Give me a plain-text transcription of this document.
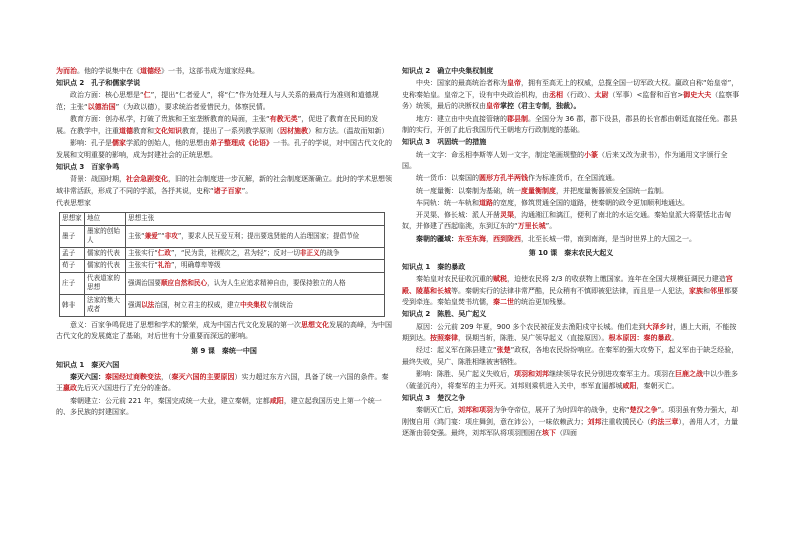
为而治。他的学说集中在《道德经》一书，这部书成为道家经典。

知识点 2　孔子和儒家学说

政治方面：核心思想是“仁”，提出“仁者爱人”，将“仁”作为处理人与人关系的最高行为准则和道德规范；主张“以德治国”（为政以德），要求统治者爱惜民力，体察民情。

教育方面：创办私学，打破了贵族和王室垄断教育的局面，主张“有教无类”，促进了教育在民间的发展。在教学中，注重道德教育和文化知识教育，提出了一系列教学原则（因材施教）和方法。（温故而知新）

影响：孔子是儒家学派的创始人，他的思想由弟子整理成《论语》一书。孔子的学说，对中国古代文化的发展和文明重要的影响，成为封建社会的正统思想。

知识点 3　百家争鸣

背景：战国时期，社会急剧变化，旧的社会制度进一步瓦解，新的社会制度逐渐确立。此时的学术思想领域非常活跃，形成了不同的学派，各抒其说，史称“诸子百家”。

代表思想家

思想家	地位	思想主张
墨子	墨家的创始人	主张“兼爱”“非攻”，要求人民互爱互利；提出要选贤能的人治理国家；提倡节俭
孟子	儒家的代表	主张实行“仁政”，“民为贵，社稷次之，君为轻”；反对一切非正义的战争
荀子	儒家的代表	主张实行“礼治”，明确尊卑等级
庄子	代表道家的思想	强调治国要顺应自然和民心，认为人生应追求精神自由，要保持独立的人格
韩非	法家的集大成者	强调以法治国，树立君主的权威，建立中央集权专制统治

意义：百家争鸣促进了思想和学术的繁荣，成为中国古代文化发展的第一次思想文化发展的高峰，为中国古代文化的发展奠定了基础，对后世有十分重要而深远的影响。

第 9 课　秦统一中国

知识点 1　秦灭六国

秦灭六国：秦国经过商鞅变法，（秦灭六国的主要原因）实力超过东方六国，具备了统一六国的条件。秦王嬴政先后灭六国进行了充分的准备。

秦朝建立：公元前 221 年，秦国完成统一大业，建立秦朝，定都咸阳，建立起我国历史上第一个统一的、多民族的封建国家。

知识点 2　确立中央集权制度

中央：国家的最高统治者称为皇帝，拥有至高无上的权威，总揽全国一切军政大权。嬴政自称“始皇帝”，史称秦始皇。皇帝之下，设有中央政治机构，由丞相（行政）、太尉（军事）<监督和百官>御史大夫（监察事务）统领，最后的决断权由皇帝掌控（君主专制，独裁）。

地方：建立由中央直接管辖的郡县制。全国分为 36 郡，郡下设县，郡县的长官都由朝廷直接任免。郡县制的实行，开创了此后我国历代王朝地方行政制度的基础。

知识点 3　巩固统一的措施

统一文字：命丞相李斯等人划一文字，制定笔画规整的小篆（后来又改为隶书），作为通用文字颁行全国。

统一货币：以秦国的圆形方孔半两钱作为标准货币，在全国流通。

统一度量衡：以秦制为基础，统一度量衡制度，并把度量衡器颁发全国统一监制。

车同轨：统一车轨和道路的宽度，修筑贯通全国的道路，使秦朝的政令更加顺利地通达。

开灵渠、修长城：派人开凿灵渠，沟通湘江和漓江，便利了南北的水运交通。秦始皇派大将蒙恬北击匈奴，并修建了西起临洮，东到辽东的“万里长城”。

秦朝的疆域：东至东海，西到陇西，北至长城一带，南到南海，是当时世界上的大国之一。

第 10 课　秦末农民大起义

知识点 1　秦的暴政

秦始皇对农民征收沉重的赋税，迫使农民将 2/3 的收获物上缴国家。连年在全国大规模征调民力建造宫殿、陵墓和长城等。秦朝实行的法律非常严酷，民众稍有不慎即被犯法律，而且是一人犯法，家族和邻里都要受到牵连。秦始皇焚书坑儒，秦二世的统治更加残暴。

知识点 2　陈胜、吴广起义

原因：公元前 209 年夏，900 多个农民被征发去渔阳戍守长城。他们走到大泽乡时，遇上大雨，不能按期到达。按照秦律，误期当斩，陈胜、吴广领导起义（直接原因）。根本原因：秦的暴政。

经过：起义军在陈县建立“张楚”政权，各地农民纷纷响应。在秦军的强大攻势下，起义军由于缺乏经验，最终失败，吴广、陈胜相继被害牺牲。

影响：陈胜、吴广起义失败后，项羽和刘邦继续领导农民分别进攻秦军主力。项羽在巨鹿之战中以少胜多（破釜沉舟），将秦军的主力歼灭。刘邦则乘机进入关中，率军直逼都城咸阳，秦朝灭亡。

知识点 3　楚汉之争

秦朝灭亡后，刘邦和项羽为争夺帝位，展开了为时四年的战争，史称“楚汉之争”。项羽虽有势力强大，却刚愎自用（鸿门宴：项庄舞剑，意在沛公），一味依赖武力；刘邦注重收揽民心（约法三章），善用人才，力量逐渐由弱变强。最终，刘邦军队将项羽围困在垓下（四面
